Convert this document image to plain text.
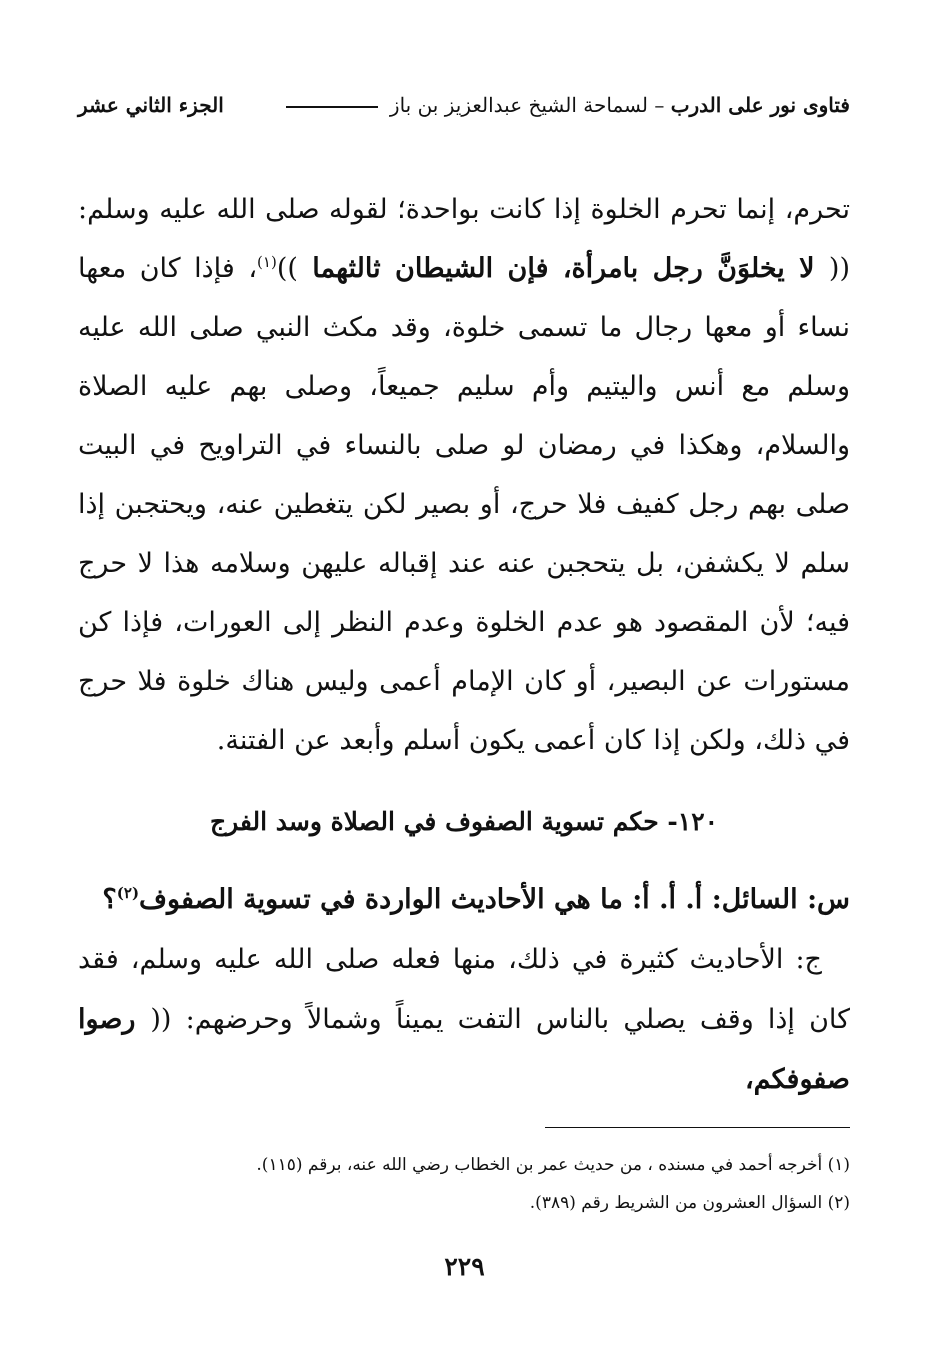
فتاوى نور على الدرب – لسماحة الشيخ عبدالعزيز بن باز
الجزء الثاني عشر

تحرم، إنما تحرم الخلوة إذا كانت بواحدة؛ لقوله صلى الله عليه وسلم: (( لا يخلوَنَّ رجل بامرأة، فإن الشيطان ثالثهما ))$^{(١)}$، فإذا كان معها نساء أو معها رجال ما تسمى خلوة، وقد مكث النبي صلى الله عليه وسلم مع أنس واليتيم وأم سليم جميعاً، وصلى بهم عليه الصلاة والسلام، وهكذا في رمضان لو صلى بالنساء في التراويح في البيت صلى بهم رجل كفيف فلا حرج، أو بصير لكن يتغطين عنه، ويحتجبن إذا سلم لا يكشفن، بل يتحجبن عنه عند إقباله عليهن وسلامه هذا لا حرج فيه؛ لأن المقصود هو عدم الخلوة وعدم النظر إلى العورات، فإذا كن مستورات عن البصير، أو كان الإمام أعمى وليس هناك خلوة فلا حرج في ذلك، ولكن إذا كان أعمى يكون أسلم وأبعد عن الفتنة.

١٢٠- حكم تسوية الصفوف في الصلاة وسد الفرج

س: السائل: أ. أ. أ: ما هي الأحاديث الواردة في تسوية الصفوف$^{(٢)}$؟

ج: الأحاديث كثيرة في ذلك، منها فعله صلى الله عليه وسلم، فقد كان إذا وقف يصلي بالناس التفت يميناً وشمالاً وحرضهم: (( رصوا صفوفكم،

(١) أخرجه أحمد في مسنده ، من حديث عمر بن الخطاب رضي الله عنه، برقم (١١٥).

(٢) السؤال العشرون من الشريط رقم (٣٨٩).

٢٢٩
